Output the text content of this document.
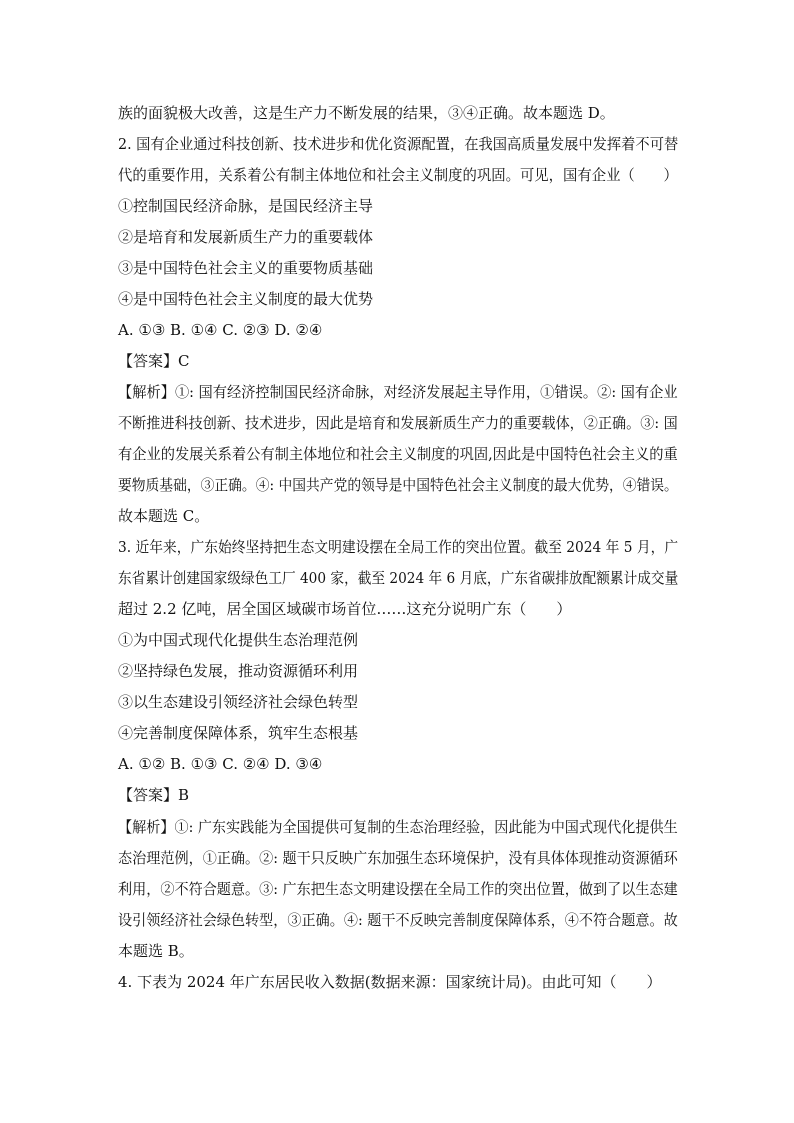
族的面貌极大改善，这是生产力不断发展的结果，③④正确。故本题选 D。
2. 国有企业通过科技创新、技术进步和优化资源配置，在我国高质量发展中发挥着不可替
代的重要作用，关系着公有制主体地位和社会主义制度的巩固。可见，国有企业（　　）
①控制国民经济命脉，是国民经济主导
②是培育和发展新质生产力的重要载体
③是中国特色社会主义的重要物质基础
④是中国特色社会主义制度的最大优势
A. ①③ B. ①④ C. ②③ D. ②④
【答案】C
【解析】①: 国有经济控制国民经济命脉，对经济发展起主导作用，①错误。②: 国有企业
不断推进科技创新、技术进步，因此是培育和发展新质生产力的重要载体，②正确。③: 国
有企业的发展关系着公有制主体地位和社会主义制度的巩固,因此是中国特色社会主义的重
要物质基础，③正确。④: 中国共产党的领导是中国特色社会主义制度的最大优势，④错误。
故本题选 C。
3. 近年来，广东始终坚持把生态文明建设摆在全局工作的突出位置。截至 2024 年 5 月，广
东省累计创建国家级绿色工厂 400 家，截至 2024 年 6 月底，广东省碳排放配额累计成交量
超过 2.2 亿吨，居全国区域碳市场首位……这充分说明广东（　　）
①为中国式现代化提供生态治理范例
②坚持绿色发展，推动资源循环利用
③以生态建设引领经济社会绿色转型
④完善制度保障体系，筑牢生态根基
A. ①② B. ①③ C. ②④ D. ③④
【答案】B
【解析】①: 广东实践能为全国提供可复制的生态治理经验，因此能为中国式现代化提供生
态治理范例，①正确。②: 题干只反映广东加强生态环境保护，没有具体体现推动资源循环
利用，②不符合题意。③: 广东把生态文明建设摆在全局工作的突出位置，做到了以生态建
设引领经济社会绿色转型，③正确。④: 题干不反映完善制度保障体系，④不符合题意。故
本题选 B。
4. 下表为 2024 年广东居民收入数据(数据来源：国家统计局)。由此可知（　　）
